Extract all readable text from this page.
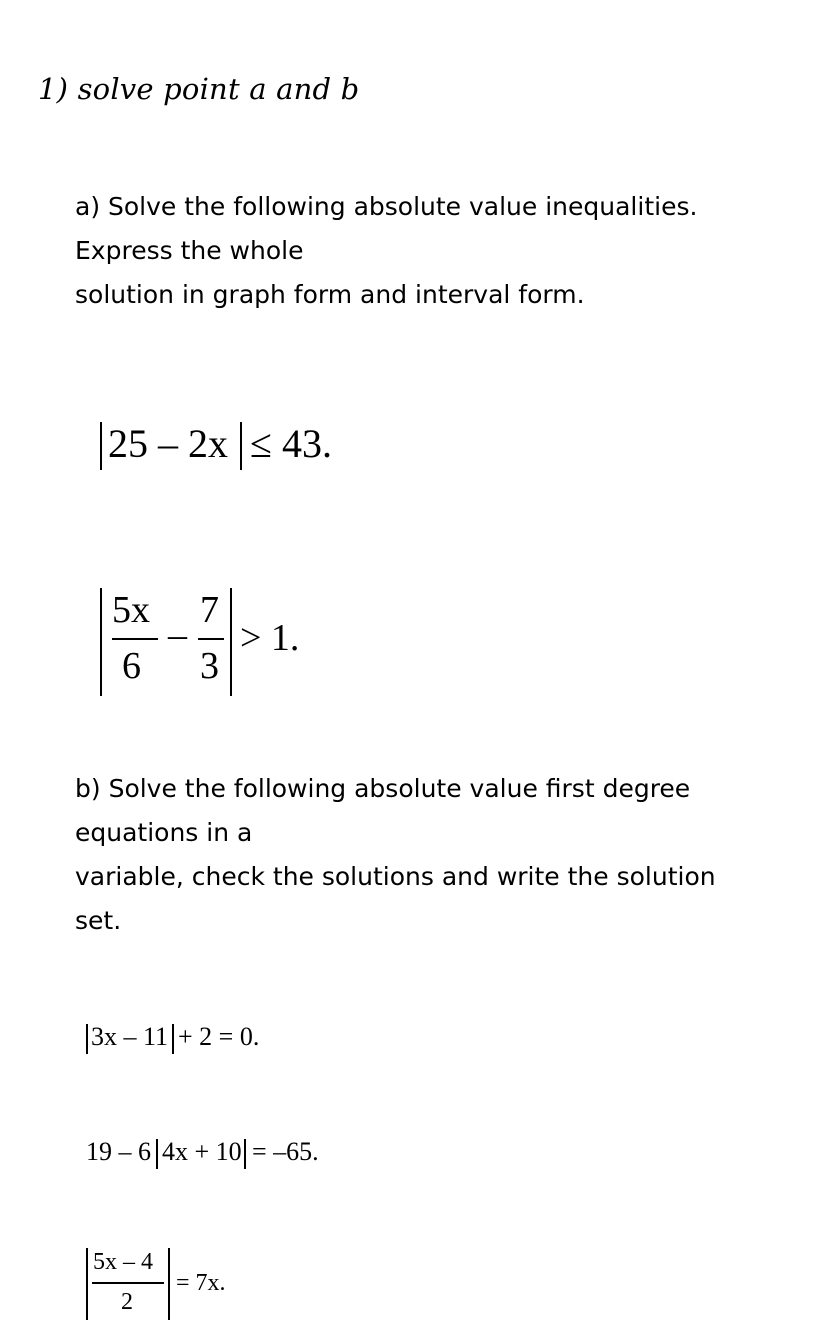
1) solve point a and b
a) Solve the following absolute value inequalities.
Express the whole
solution in graph form and interval form.
25 – 2x ≤ 43.
5x
6
–
7
3
> 1.
b) Solve the following absolute value first degree
equations in a
variable, check the solutions and write the solution
set.
3x – 11 + 2 = 0.
19 – 6 4x + 10 = –65.
5x – 4
2
= 7x.
